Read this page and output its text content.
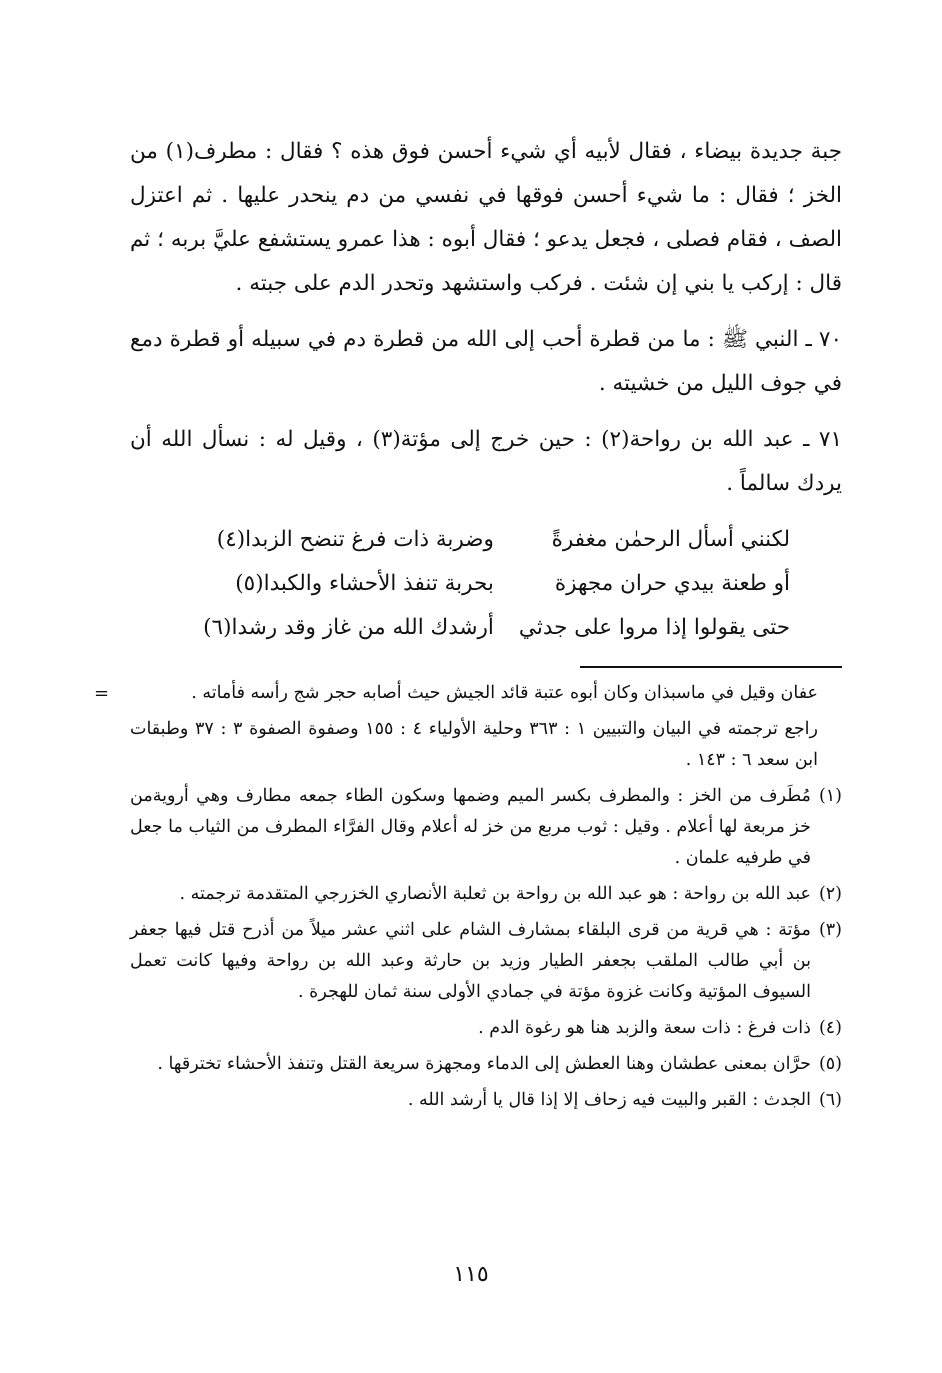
جبة جديدة بيضاء ، فقال لأبيه أي شيء أحسن فوق هذه ؟ فقال : مطرف(١) من الخز ؛ فقال : ما شيء أحسن فوقها في نفسي من دم ينحدر عليها . ثم اعتزل الصف ، فقام فصلى ، فجعل يدعو ؛ فقال أبوه : هذا عمرو يستشفع عليَّ بربه ؛ ثم قال : إركب يا بني إن شئت . فركب واستشهد وتحدر الدم على جبته .

٧٠ ـ النبي ﷺ : ما من قطرة أحب إلى الله من قطرة دم في سبيله أو قطرة دمع في جوف الليل من خشيته .

٧١ ـ عبد الله بن رواحة(٢) : حين خرج إلى مؤتة(٣) ، وقيل له : نسأل الله أن يردك سالماً .

لكنني أسأل الرحمٰن مغفرةً
وضربة ذات فرغ تنضح الزبدا(٤)
أو طعنة بيدي حران مجهزة
بحربة تنفذ الأحشاء والكبدا(٥)
حتى يقولوا إذا مروا على جدثي
أرشدك الله من غاز وقد رشدا(٦)
=	عفان وقيل في ماسبذان وكان أبوه عتبة قائد الجيش حيث أصابه حجر شج رأسه فأماته .
راجع ترجمته في البيان والتبيين ١ : ٣٦٣ وحلية الأولياء ٤ : ١٥٥ وصفوة الصفوة ٣ : ٣٧ وطبقات ابن سعد ٦ : ١٤٣ .
(١)
مُطَرف من الخز : والمطرف بكسر الميم وضمها وسكون الطاء جمعه مطارف وهي أرويةمن خز مربعة لها أعلام . وقيل : ثوب مربع من خز له أعلام وقال الفرَّاء المطرف من الثياب ما جعل في طرفيه علمان .
(٢)
عبد الله بن رواحة : هو عبد الله بن رواحة بن ثعلبة الأنصاري الخزرجي المتقدمة ترجمته .
(٣)
مؤتة : هي قرية من قرى البلقاء بمشارف الشام على اثني عشر ميلاً من أذرح قتل فيها جعفر بن أبي طالب الملقب بجعفر الطيار وزيد بن حارثة وعبد الله بن رواحة وفيها كانت تعمل السيوف المؤتية وكانت غزوة مؤتة في جمادي الأولى سنة ثمان للهجرة .
(٤)
ذات فرغ : ذات سعة والزبد هنا هو رغوة الدم .
(٥)
حرَّان بمعنى عطشان وهنا العطش إلى الدماء ومجهزة سريعة القتل وتنفذ الأحشاء تخترقها .
(٦)
الجدث : القبر والبيت فيه زحاف إلا إذا قال يا أرشد الله .
١١٥
